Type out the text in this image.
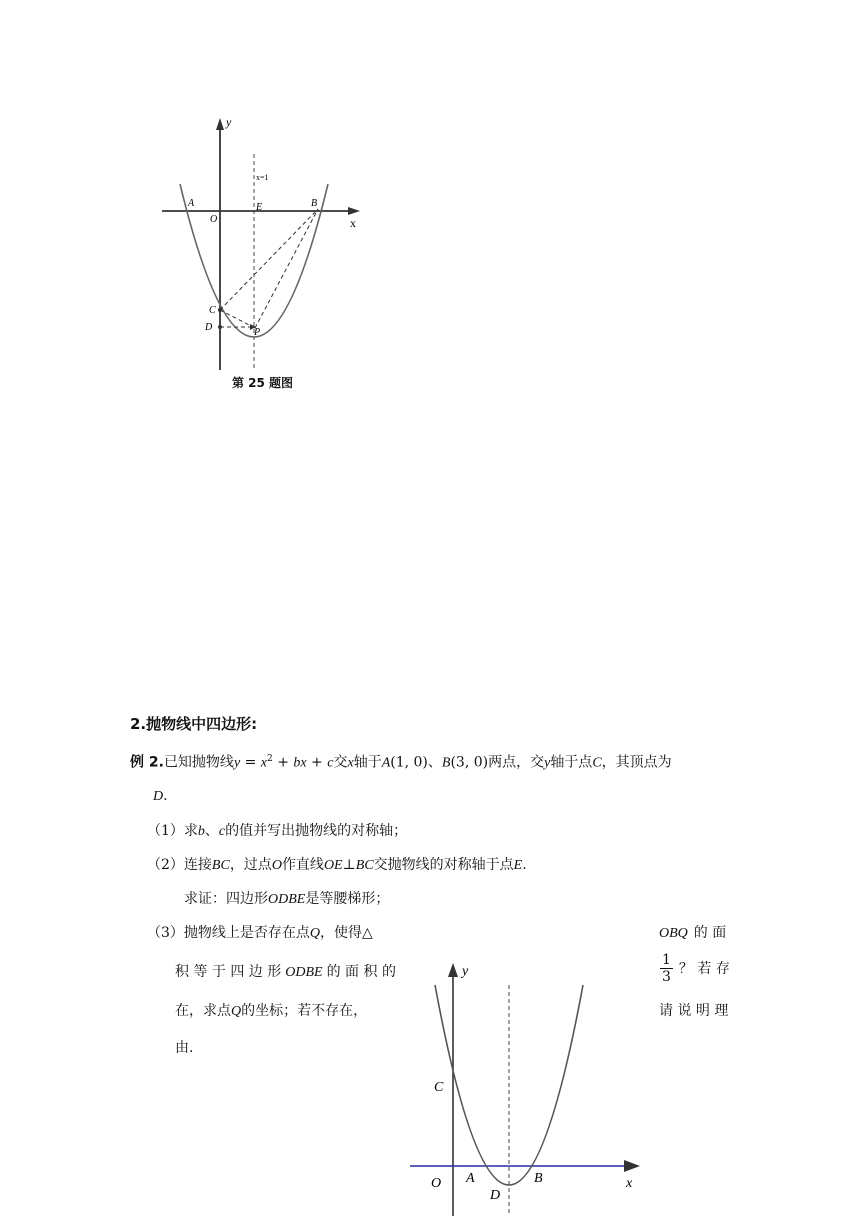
y
x=1
A
O
E	B
x
C
D	P
第 25 题图
2.抛物线中四边形:
例 2.已知抛物线$y = x^2$ + bx + c交x轴于A(1, 0)、B(3, 0)两点，交y轴于点C，其顶点为
D.
（1）求b、c的值并写出抛物线的对称轴；
（2）连接BC，过点O作直线OE⊥BC交抛物线的对称轴于点E.
求证：四边形ODBE是等腰梯形；
（3）抛物线上是否存在点Q，使得△	OBQ 的 面
积 等 于 四 边 形 ODBE 的 面 积 的	$\frac{1}{3}$ ？ 若 存
在，求点Q的坐标；若不存在，	请 说 明 理
由.
y
C
O A
D
B	x
